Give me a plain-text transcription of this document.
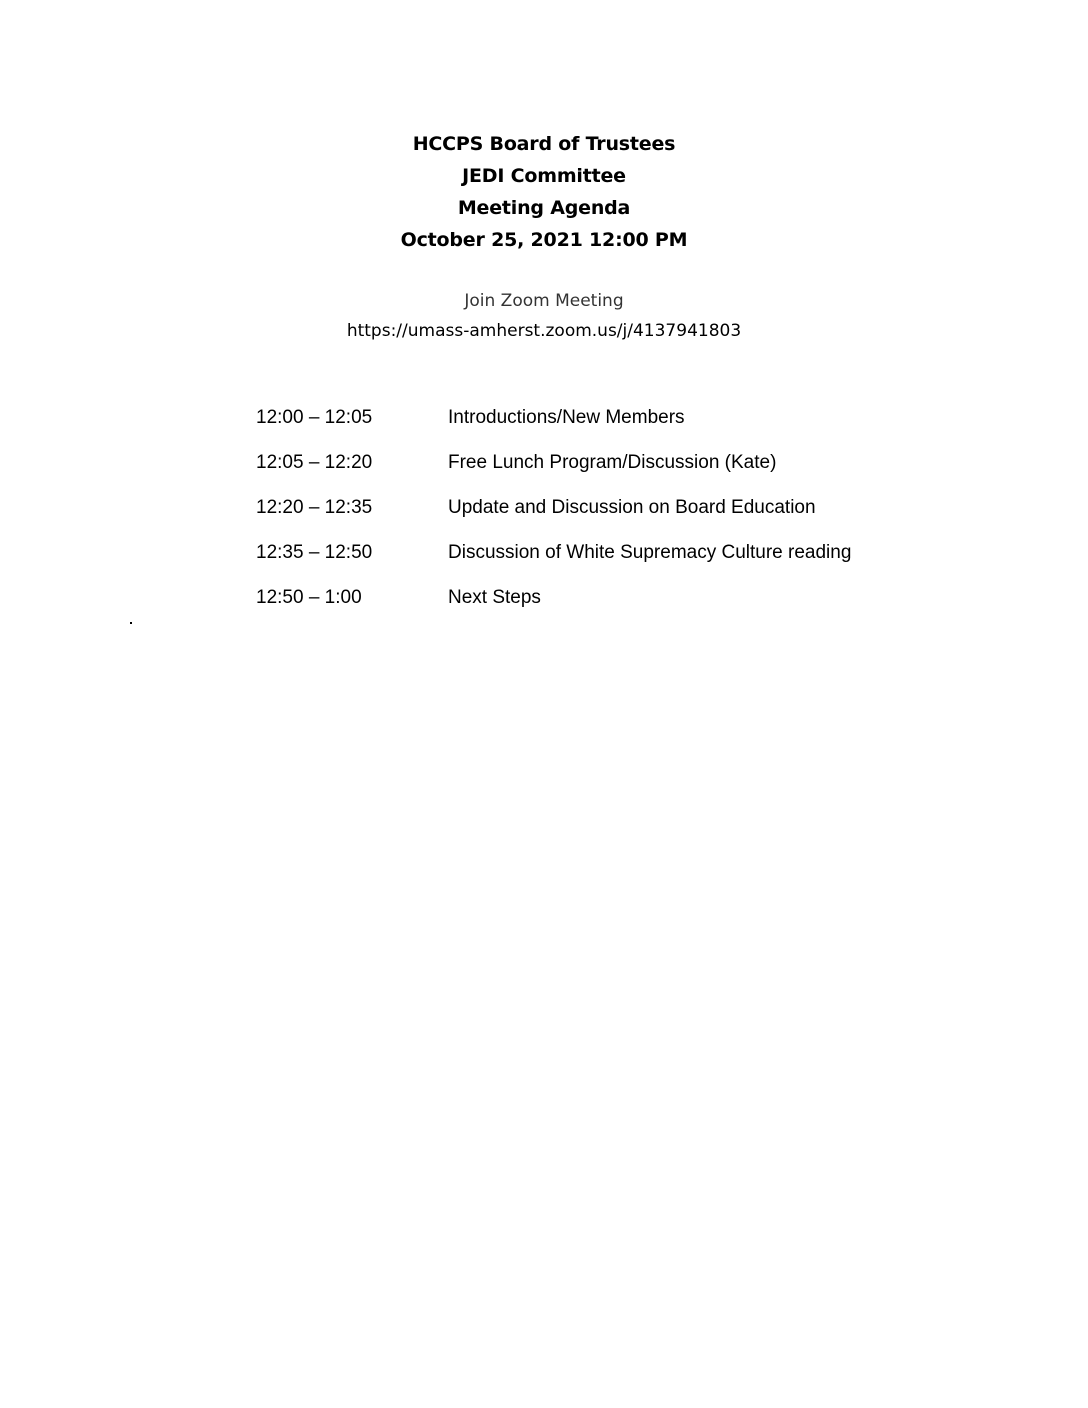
HCCPS Board of Trustees
JEDI Committee
Meeting Agenda
October 25, 2021 12:00 PM
Join Zoom Meeting
https://umass-amherst.zoom.us/j/4137941803
12:00 – 12:05	Introductions/New Members
12:05 – 12:20	Free Lunch Program/Discussion (Kate)
12:20 – 12:35	Update and Discussion on Board Education
12:35 – 12:50	Discussion of White Supremacy Culture reading
12:50 – 1:00	Next Steps
